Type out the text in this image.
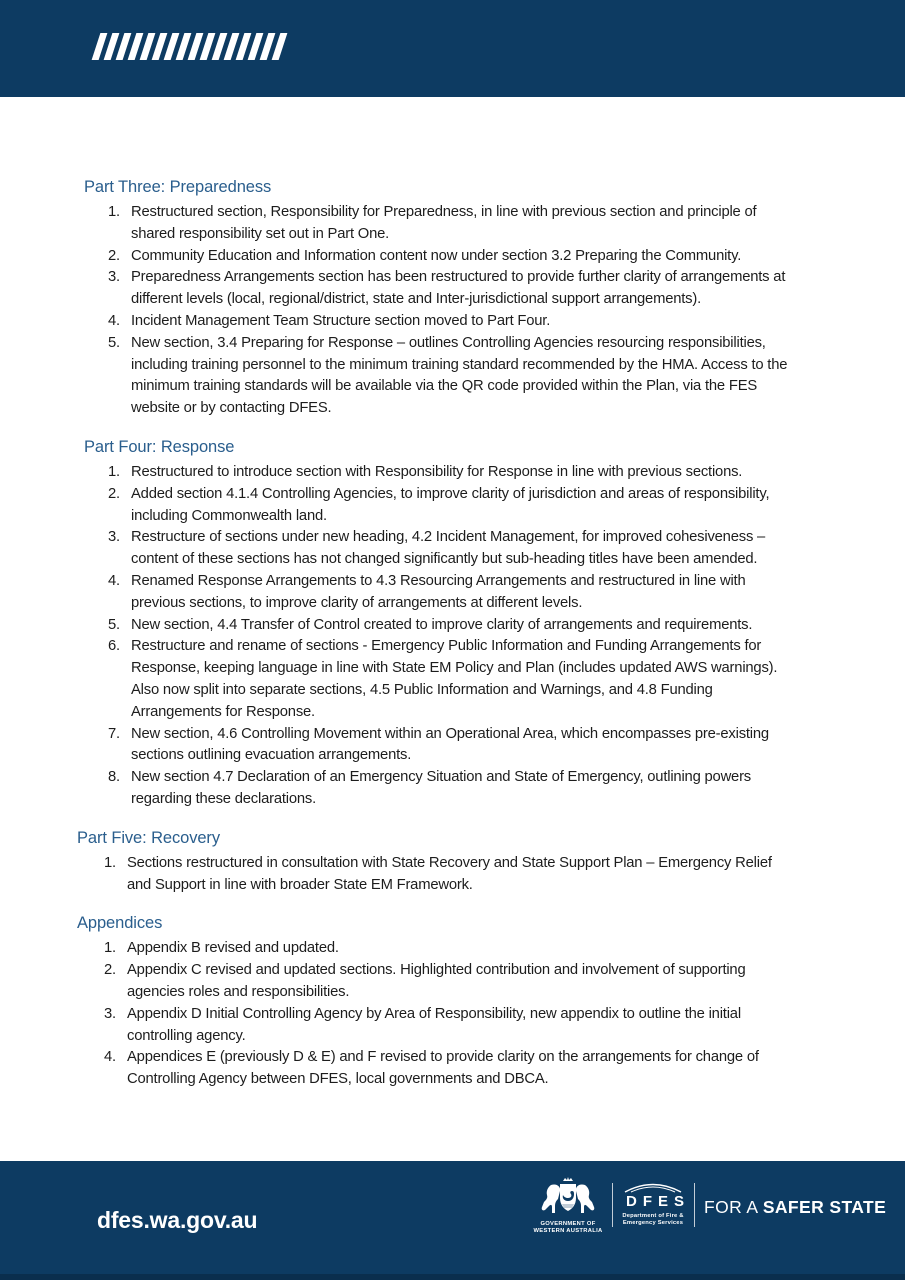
Part Three: Preparedness
1. Restructured section, Responsibility for Preparedness, in line with previous section and principle of shared responsibility set out in Part One.
2. Community Education and Information content now under section 3.2 Preparing the Community.
3. Preparedness Arrangements section has been restructured to provide further clarity of arrangements at different levels (local, regional/district, state and Inter-jurisdictional support arrangements).
4. Incident Management Team Structure section moved to Part Four.
5. New section, 3.4 Preparing for Response – outlines Controlling Agencies resourcing responsibilities, including training personnel to the minimum training standard recommended by the HMA. Access to the minimum training standards will be available via the QR code provided within the Plan, via the FES website or by contacting DFES.
Part Four: Response
1. Restructured to introduce section with Responsibility for Response in line with previous sections.
2. Added section 4.1.4 Controlling Agencies, to improve clarity of jurisdiction and areas of responsibility, including Commonwealth land.
3. Restructure of sections under new heading, 4.2 Incident Management, for improved cohesiveness – content of these sections has not changed significantly but sub-heading titles have been amended.
4. Renamed Response Arrangements to 4.3 Resourcing Arrangements and restructured in line with previous sections, to improve clarity of arrangements at different levels.
5. New section, 4.4 Transfer of Control created to improve clarity of arrangements and requirements.
6. Restructure and rename of sections - Emergency Public Information and Funding Arrangements for Response, keeping language in line with State EM Policy and Plan (includes updated AWS warnings). Also now split into separate sections, 4.5 Public Information and Warnings, and 4.8 Funding Arrangements for Response.
7. New section, 4.6 Controlling Movement within an Operational Area, which encompasses pre-existing sections outlining evacuation arrangements.
8. New section 4.7 Declaration of an Emergency Situation and State of Emergency, outlining powers regarding these declarations.
Part Five: Recovery
1. Sections restructured in consultation with State Recovery and State Support Plan – Emergency Relief and Support in line with broader State EM Framework.
Appendices
1. Appendix B revised and updated.
2. Appendix C revised and updated sections. Highlighted contribution and involvement of supporting agencies roles and responsibilities.
3. Appendix D Initial Controlling Agency by Area of Responsibility, new appendix to outline the initial controlling agency.
4. Appendices E (previously D & E) and F revised to provide clarity on the arrangements for change of Controlling Agency between DFES, local governments and DBCA.
dfes.wa.gov.au	GOVERNMENT OF
WESTERN AUSTRALIA
DFES
Department of Fire &
Emergency Services
FOR A SAFER STATE
